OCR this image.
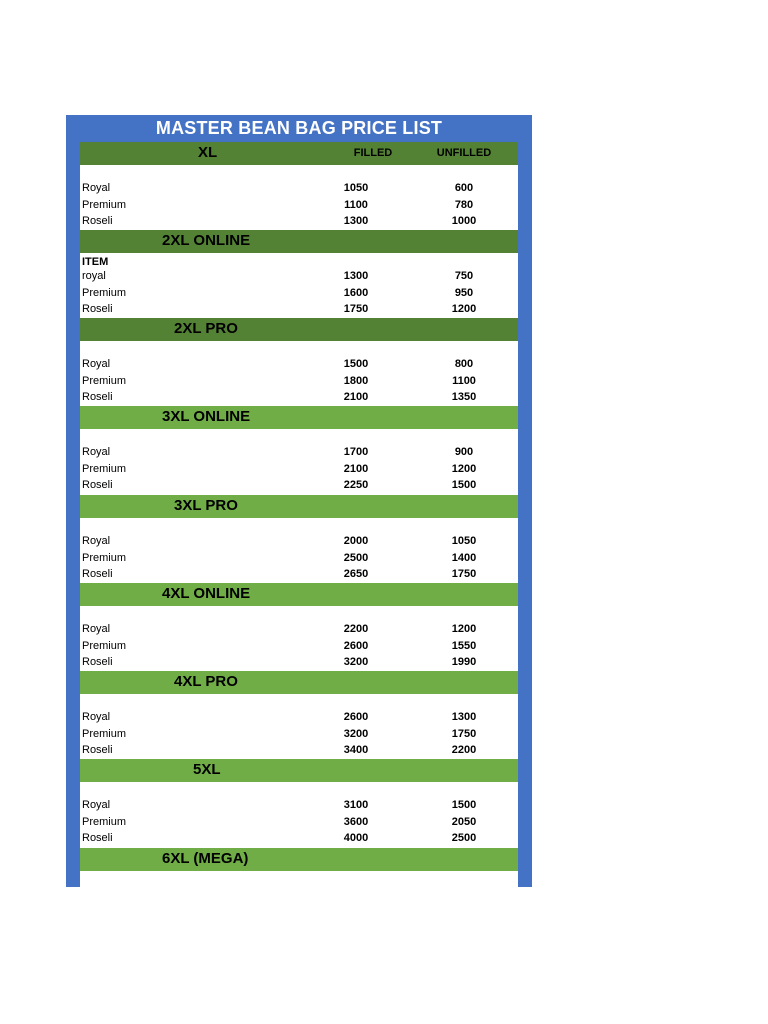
MASTER BEAN BAG PRICE LIST
XL	FILLED	UNFILLED
Royal	1050	600
Premium	1100	780
Roseli	1300	1000
2XL ONLINE
ITEM
royal	1300	750
Premium	1600	950
Roseli	1750	1200
2XL PRO
Royal	1500	800
Premium	1800	1100
Roseli	2100	1350
3XL ONLINE
Royal	1700	900
Premium	2100	1200
Roseli	2250	1500
3XL PRO
Royal	2000	1050
Premium	2500	1400
Roseli	2650	1750
4XL ONLINE
Royal	2200	1200
Premium	2600	1550
Roseli	3200	1990
4XL PRO
Royal	2600	1300
Premium	3200	1750
Roseli	3400	2200
5XL
Royal	3100	1500
Premium	3600	2050
Roseli	4000	2500
6XL (MEGA)
